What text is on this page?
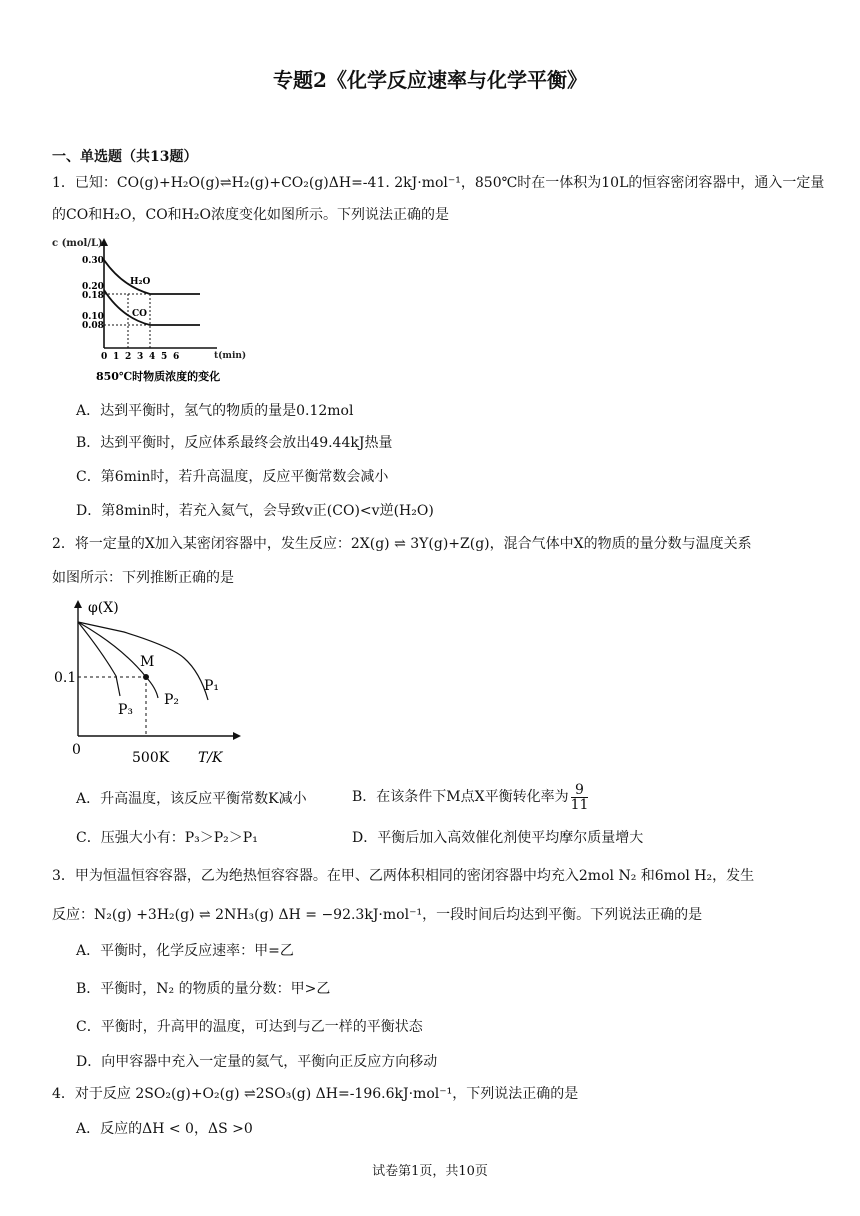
专题2《化学反应速率与化学平衡》
一、单选题（共13题）
1．已知：CO(g)+H₂O(g)⇌H₂(g)+CO₂(g)ΔH=-41. 2kJ·mol⁻¹，850℃时在一体积为10L的恒容密闭容器中，通入一定量
的CO和H₂O，CO和H₂O浓度变化如图所示。下列说法正确的是
c (mol/L)
t(min)
0.30
0.20
0.18
0.10
0.08
0 1 2 3 4 5 6
H₂O
CO
850℃时物质浓度的变化
A．达到平衡时，氢气的物质的量是0.12mol
B．达到平衡时，反应体系最终会放出49.44kJ热量
C．第6min时，若升高温度，反应平衡常数会减小
D．第8min时，若充入氦气，会导致v正(CO)<v逆(H₂O)
2．将一定量的X加入某密闭容器中，发生反应：2X(g) ⇌ 3Y(g)+Z(g)，混合气体中X的物质的量分数与温度关系
如图所示：下列推断正确的是
φ(X)
0
0.1
500K T/K
M
P₁
P₂
P₃
A．升高温度，该反应平衡常数K减小	B．在该条件下M点X平衡转化率为 $\frac{9}{11}$
C．压强大小有：P₃＞P₂＞P₁	D．平衡后加入高效催化剂使平均摩尔质量增大
3．甲为恒温恒容容器，乙为绝热恒容容器。在甲、乙两体积相同的密闭容器中均充入2mol N₂ 和6mol H₂，发生
反应：N₂(g) +3H₂(g) ⇌ 2NH₃(g) ΔH = −92.3kJ·mol⁻¹，一段时间后均达到平衡。下列说法正确的是
A．平衡时，化学反应速率：甲=乙
B．平衡时，N₂ 的物质的量分数：甲>乙
C．平衡时，升高甲的温度，可达到与乙一样的平衡状态
D．向甲容器中充入一定量的氦气，平衡向正反应方向移动
4．对于反应 2SO₂(g)+O₂(g) ⇌2SO₃(g) ΔH=-196.6kJ·mol⁻¹，下列说法正确的是
A．反应的ΔH < 0，ΔS >0
试卷第1页，共10页
